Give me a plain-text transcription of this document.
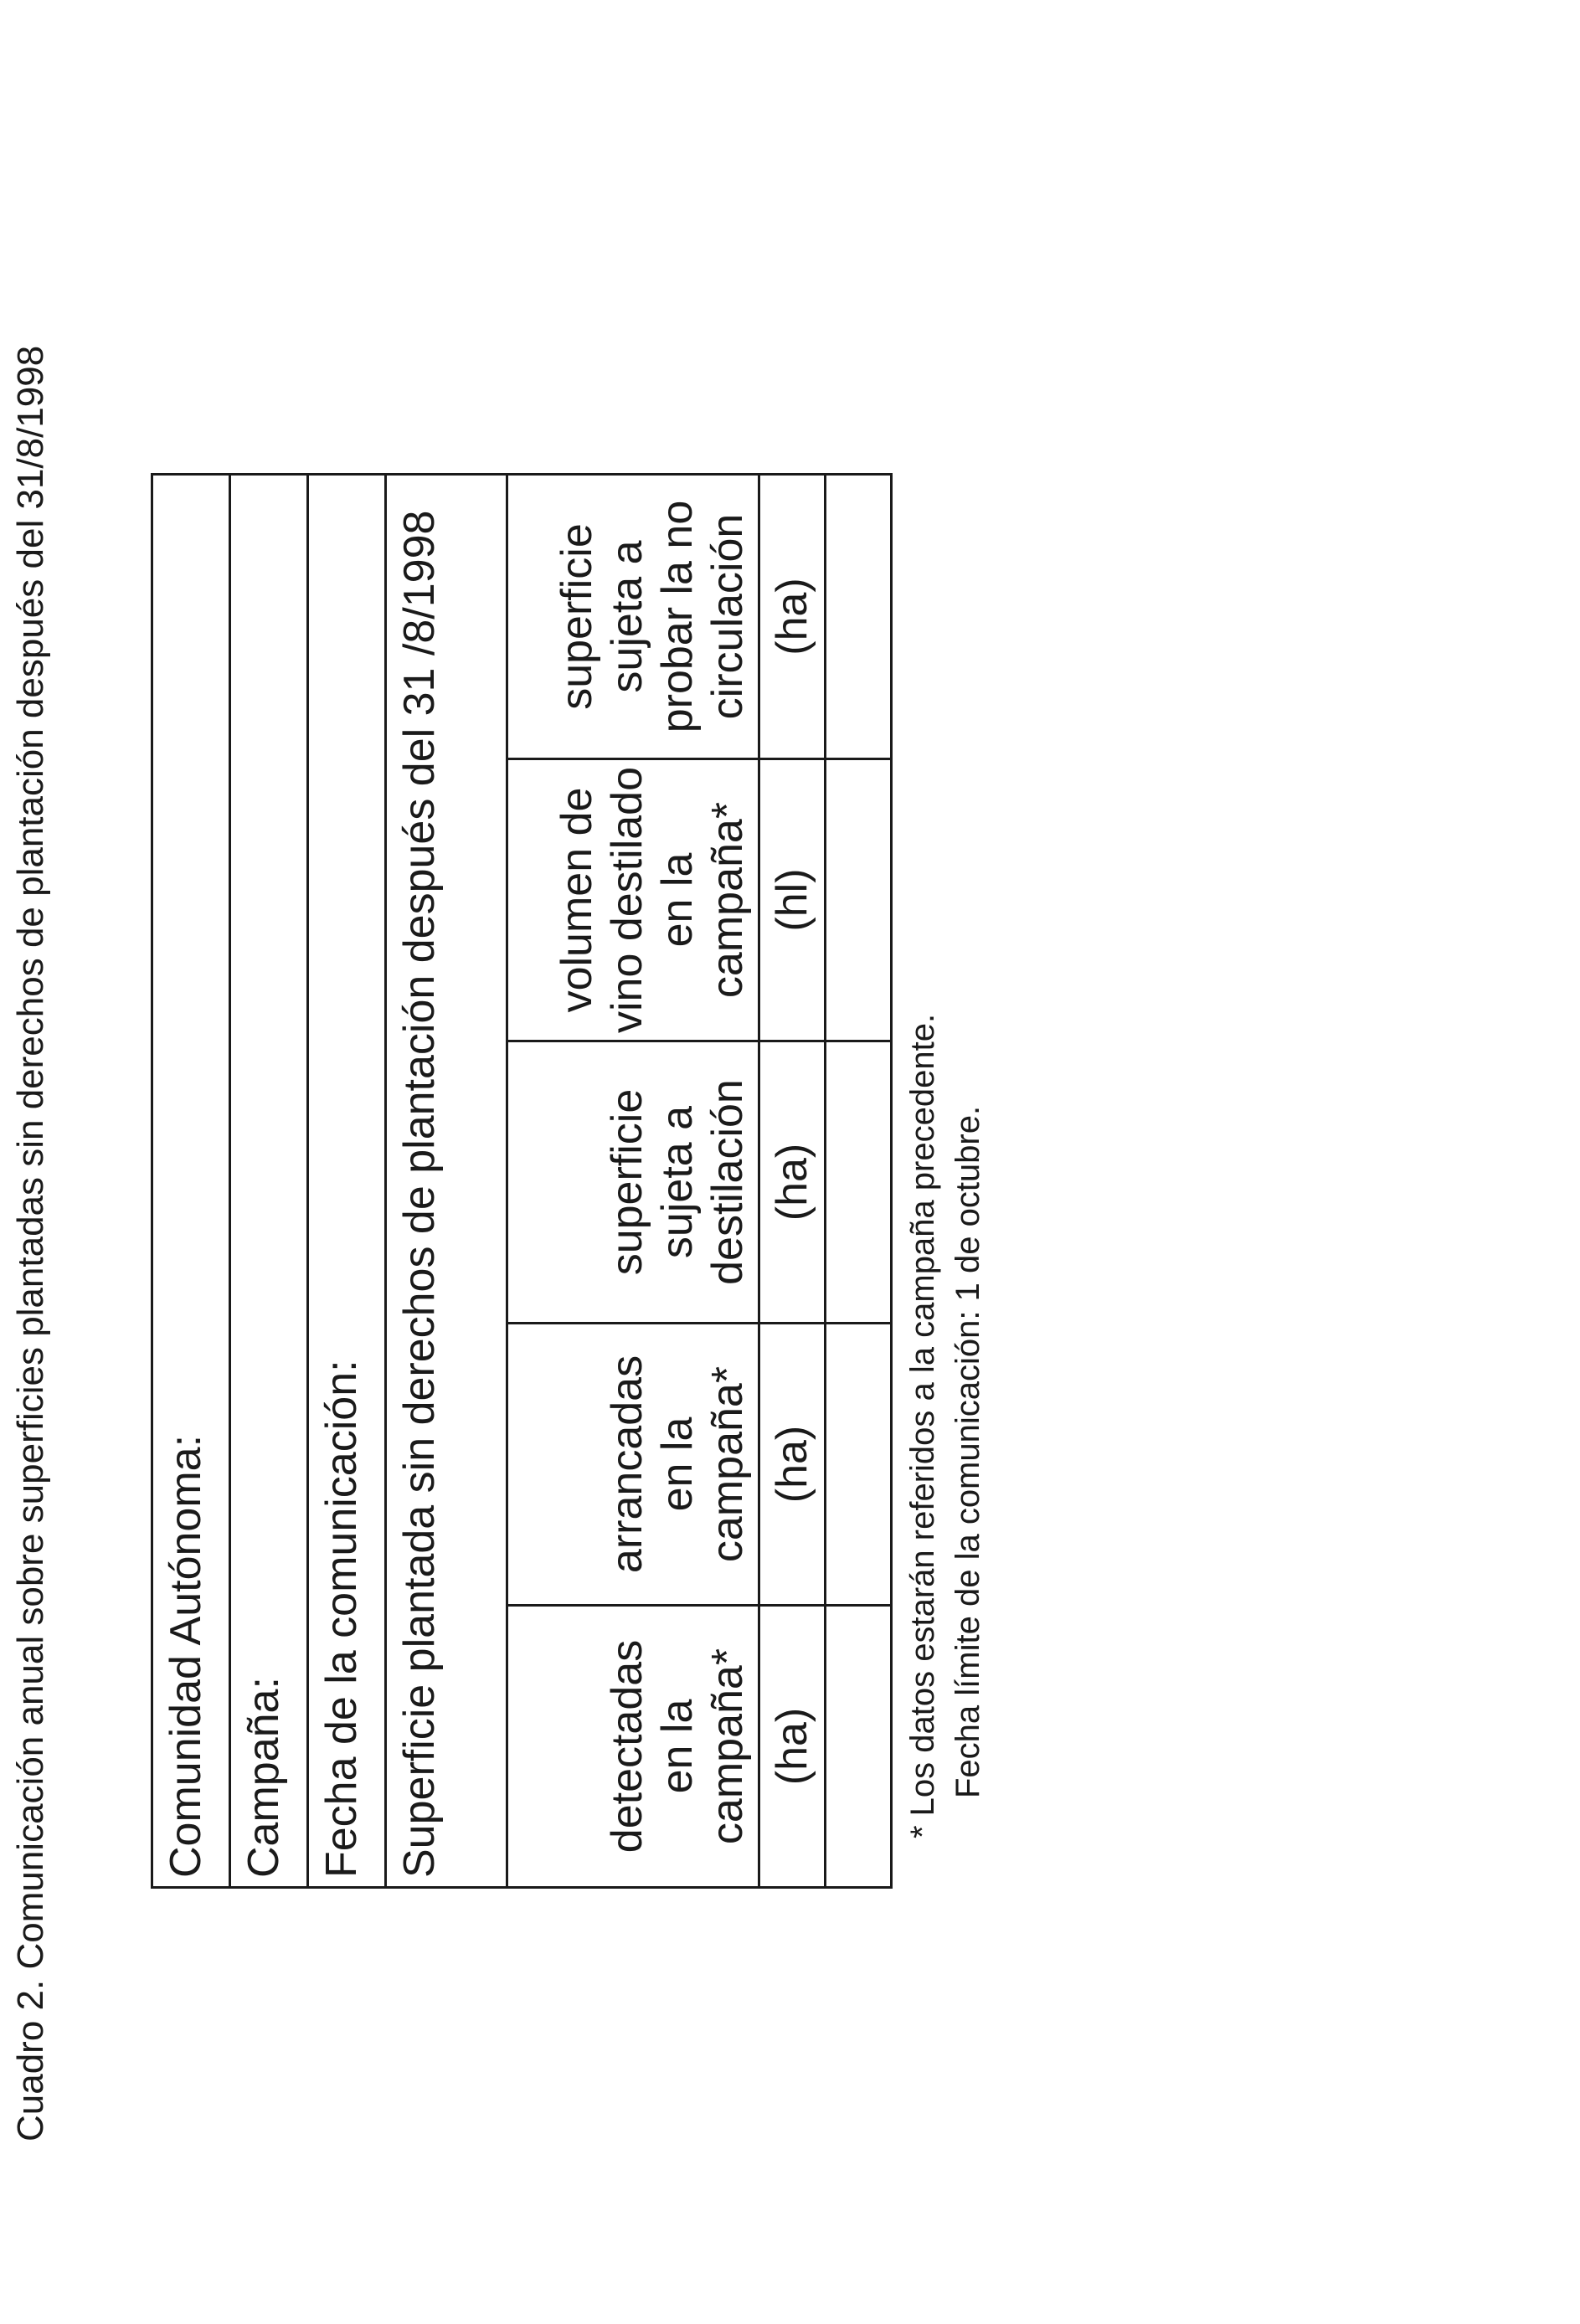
Cuadro 2. Comunicación anual sobre superficies plantadas sin derechos de plantación después del 31/8/1998	Comunidad Autónoma:				
Campaña:				
Fecha de la comunicación:				
Superficie plantada sin derechos de plantación después del 31 /8/1998				
detectadas en la campaña*	arrancadas en la campaña*	superficie sujeta a destilación	volumen de vino destilado en la campaña*	superficie sujeta a probar la no circulación
(ha)	(ha)	(ha)	(hl)	(ha)

* Los datos estarán referidos a la campaña precedente. Fecha límite de la comunicación: 1 de octubre.
